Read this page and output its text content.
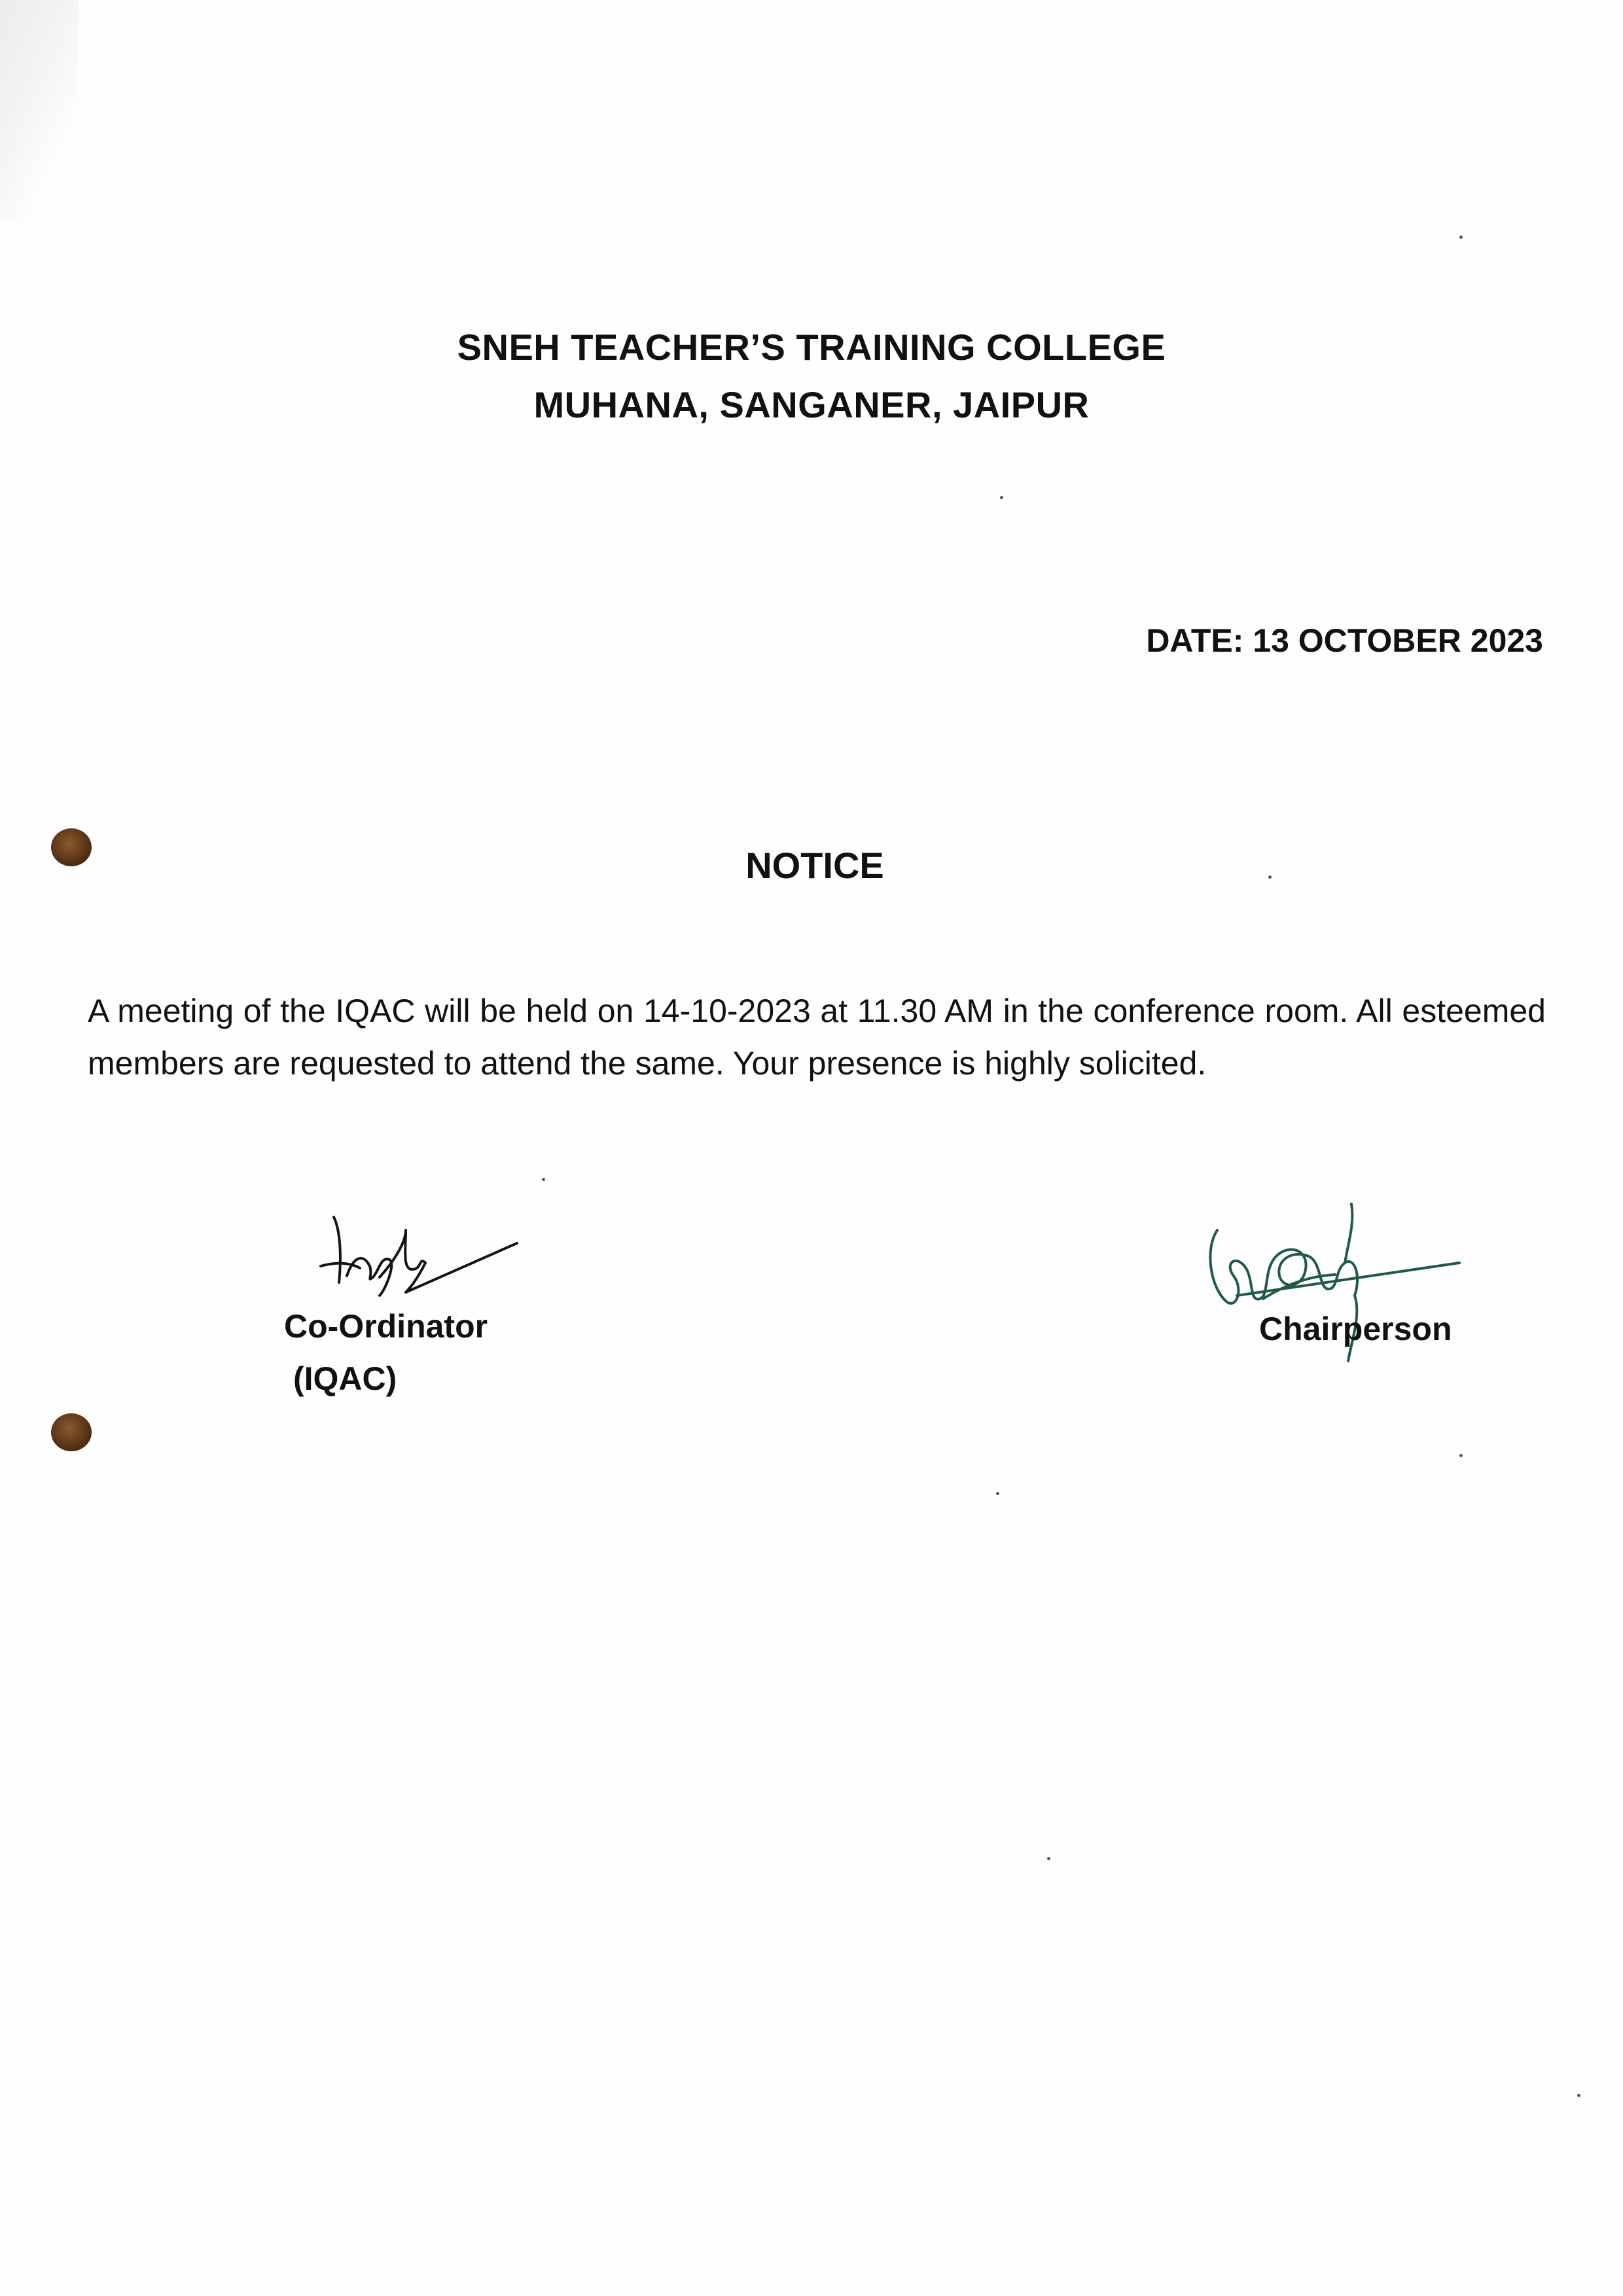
SNEH TEACHER’S TRAINING COLLEGE
MUHANA, SANGANER, JAIPUR
DATE: 13 OCTOBER 2023
NOTICE
A meeting of the IQAC will be held on 14-10-2023 at 11.30 AM in the conference room. All esteemed members are requested to attend the same. Your presence is highly solicited.
Co-Ordinator
(IQAC)
Chairperson
